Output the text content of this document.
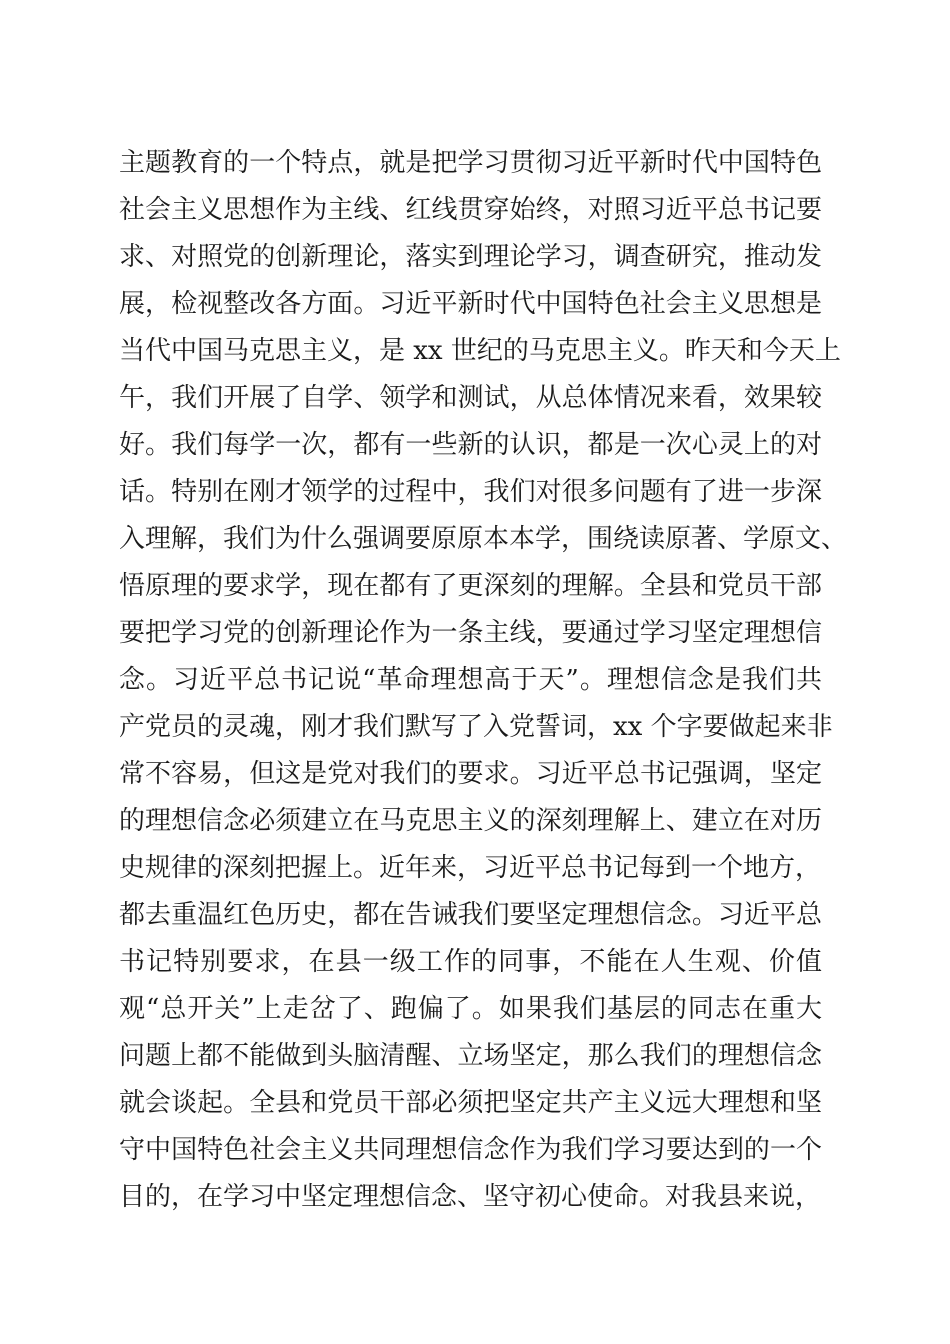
主题教育的一个特点，就是把学习贯彻习近平新时代中国特色
社会主义思想作为主线、红线贯穿始终，对照习近平总书记要
求、对照党的创新理论，落实到理论学习，调查研究，推动发
展，检视整改各方面。习近平新时代中国特色社会主义思想是
当代中国马克思主义，是 xx 世纪的马克思主义。昨天和今天上
午，我们开展了自学、领学和测试，从总体情况来看，效果较
好。我们每学一次，都有一些新的认识，都是一次心灵上的对
话。特别在刚才领学的过程中，我们对很多问题有了进一步深
入理解，我们为什么强调要原原本本学，围绕读原著、学原文、
悟原理的要求学，现在都有了更深刻的理解。全县和党员干部
要把学习党的创新理论作为一条主线，要通过学习坚定理想信
念。习近平总书记说“革命理想高于天”。理想信念是我们共
产党员的灵魂，刚才我们默写了入党誓词，xx 个字要做起来非
常不容易，但这是党对我们的要求。习近平总书记强调，坚定
的理想信念必须建立在马克思主义的深刻理解上、建立在对历
史规律的深刻把握上。近年来，习近平总书记每到一个地方，
都去重温红色历史，都在告诫我们要坚定理想信念。习近平总
书记特别要求，在县一级工作的同事，不能在人生观、价值
观“总开关”上走岔了、跑偏了。如果我们基层的同志在重大
问题上都不能做到头脑清醒、立场坚定，那么我们的理想信念
就会谈起。全县和党员干部必须把坚定共产主义远大理想和坚
守中国特色社会主义共同理想信念作为我们学习要达到的一个
目的，在学习中坚定理想信念、坚守初心使命。对我县来说，
